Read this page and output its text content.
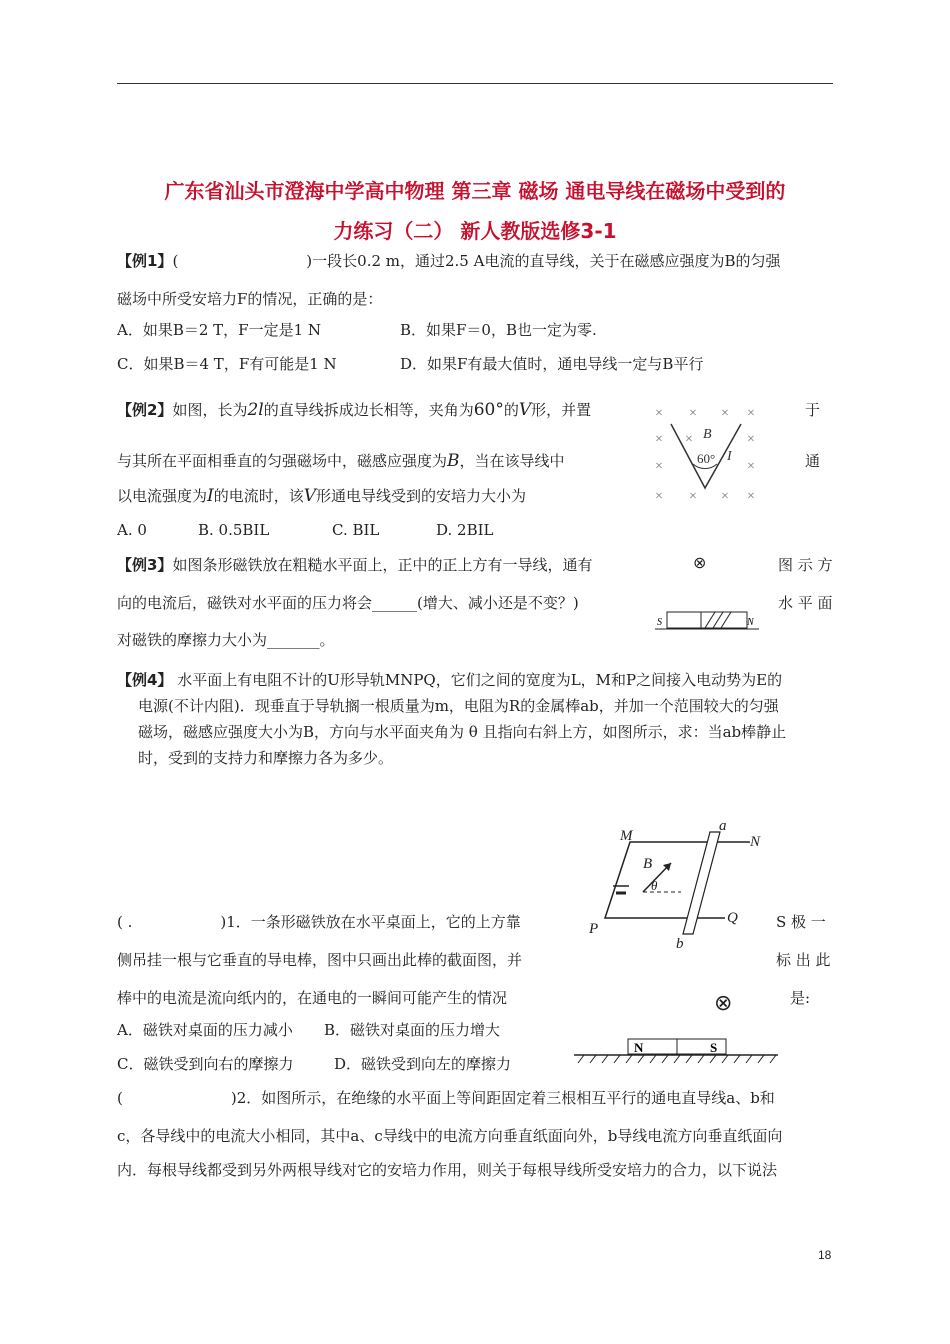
广东省汕头市澄海中学高中物理 第三章 磁场 通电导线在磁场中受到的
力练习（二） 新人教版选修3-1
【例1】(	)一段长0.2 m，通过2.5 A电流的直导线，关于在磁感应强度为B的匀强
磁场中所受安培力F的情况，正确的是：
A．如果B＝2 T，F一定是1 N	B．如果F＝0，B也一定为零.
C．如果B＝4 T，F有可能是1 N	D．如果F有最大值时，通电导线一定与B平行
【例2】如图，长为2l的直导线拆成边长相等，夹角为60°的V形，并置	于
与其所在平面相垂直的匀强磁场中，磁感应强度为B，当在该导线中	通
以电流强度为I的电流时，该V形通电导线受到的安培力大小为
A. 0	B. 0.5BIL	C. BIL	D. 2BIL
× × × ×
× ×	×
×	×
× × × ×
60°
B
I
【例3】如图条形磁铁放在粗糙水平面上，正中的正上方有一导线，通有	图 示 方
向的电流后，磁铁对水平面的压力将会______(增大、减小还是不变？)	水 平 面
对磁铁的摩擦力大小为_______。
⊗
S	N
【例4】 水平面上有电阻不计的U形导轨MNPQ，它们之间的宽度为L，M和P之间接入电动势为E的
电源(不计内阻)．现垂直于导轨搁一根质量为m，电阻为R的金属棒ab，并加一个范围较大的匀强
磁场，磁感应强度大小为B，方向与水平面夹角为 θ 且指向右斜上方，如图所示，求：当ab棒静止
时，受到的支持力和摩擦力各为多少。
M	N
P
Q
a
b
B
θ
( .	)1．一条形磁铁放在水平桌面上，它的上方靠	S 极 一
侧吊挂一根与它垂直的导电棒，图中只画出此棒的截面图，并	标 出 此
棒中的电流是流向纸内的，在通电的一瞬间可能产生的情况	是:
A．磁铁对桌面的压力减小 B．磁铁对桌面的压力增大
C．磁铁受到向右的摩擦力	D．磁铁受到向左的摩擦力
⊗
N	S
(	)2．如图所示，在绝缘的水平面上等间距固定着三根相互平行的通电直导线a、b和
c，各导线中的电流大小相同，其中a、c导线中的电流方向垂直纸面向外，b导线电流方向垂直纸面向
内．每根导线都受到另外两根导线对它的安培力作用，则关于每根导线所受安培力的合力，以下说法
18
